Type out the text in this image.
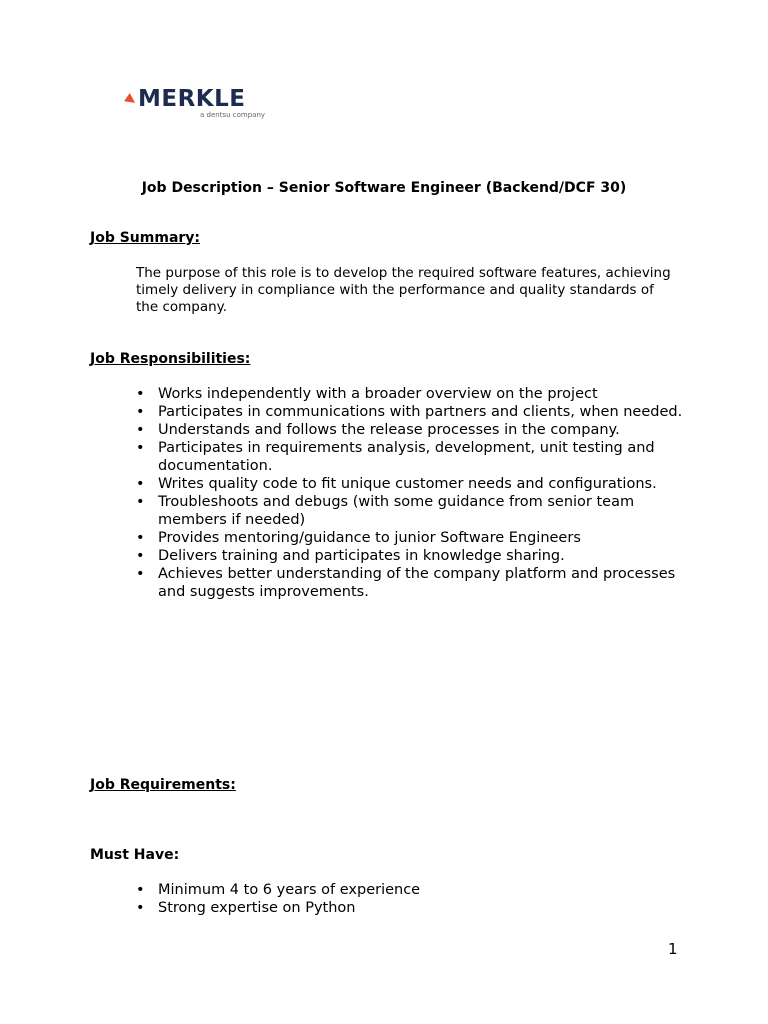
MERKLE
a dentsu company
Job Description – Senior Software Engineer (Backend/DCF 30)
Job Summary:
The purpose of this role is to develop the required software features, achieving timely delivery in compliance with the performance and quality standards of the company.
Job Responsibilities:
• Works independently with a broader overview on the project
• Participates in communications with partners and clients, when needed.
• Understands and follows the release processes in the company.
• Participates in requirements analysis, development, unit testing and documentation.
• Writes quality code to fit unique customer needs and configurations.
• Troubleshoots and debugs (with some guidance from senior team members if needed)
• Provides mentoring/guidance to junior Software Engineers
• Delivers training and participates in knowledge sharing.
• Achieves better understanding of the company platform and processes and suggests improvements.
Job Requirements:
Must Have:
• Minimum 4 to 6 years of experience
• Strong expertise on Python
1
